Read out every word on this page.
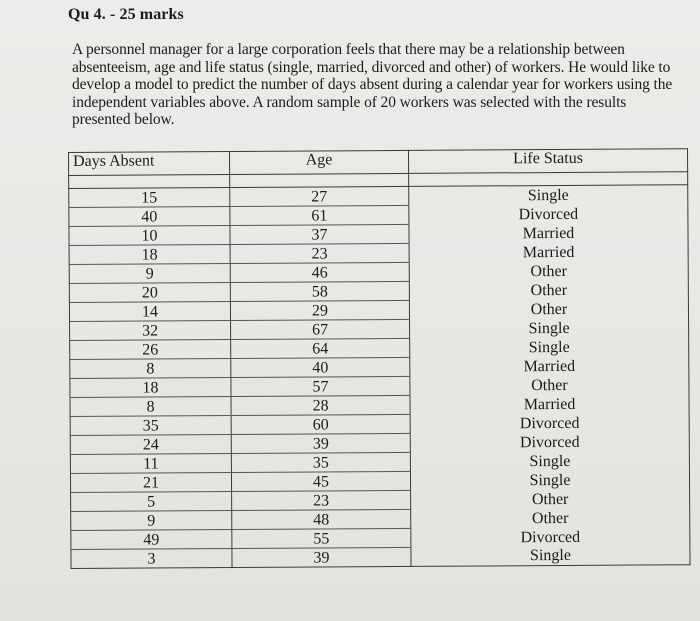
Qu 4. - 25 marks
A personnel manager for a large corporation feels that there may be a relationship between absenteeism, age and life status (single, married, divorced and other) of workers. He would like to develop a model to predict the number of days absent during a calendar year for workers using the independent variables above. A random sample of 20 workers was selected with the results presented below.
Days Absent	Age	Life Status

15	27	Single
40	61	Divorced
10	37	Married
18	23	Married
9	46	Other
20	58	Other
14	29	Other
32	67	Single
26	64	Single
8	40	Married
18	57	Other
8	28	Married
35	60	Divorced
24	39	Divorced
11	35	Single
21	45	Single
5	23	Other
9	48	Other
49	55	Divorced
3	39	Single
